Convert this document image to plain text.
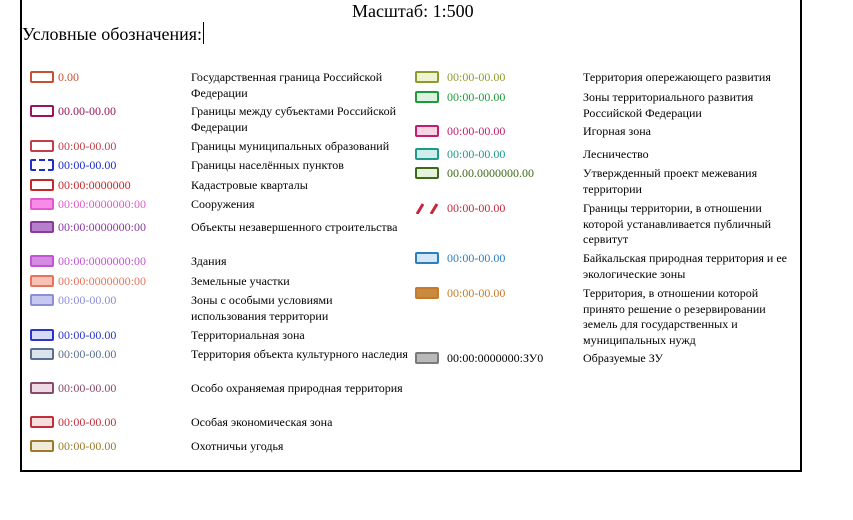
Масштаб: 1:500
Условные обозначения:
0.00	Государственная граница Российской Федерации
00.00-00.00	Границы между субъектами Российской Федерации
00:00-00.00	Границы муниципальных образований
00:00-00.00	Границы населённых пунктов
00:00:0000000	Кадастровые кварталы
00:00:0000000:00	Сооружения
00:00:0000000:00	Объекты незавершенного строительства
00:00:0000000:00	Здания
00:00:0000000:00	Земельные участки
00:00-00.00	Зоны с особыми условиями использования территории
00:00-00.00	Территориальная зона
00:00-00.00	Территория объекта культурного наследия
00:00-00.00	Особо охраняемая природная территория
00:00-00.00	Особая экономическая зона
00:00-00.00	Охотничьи угодья
00:00-00.00	Территория опережающего развития
00:00-00.00	Зоны территориального развития Российской Федерации
00:00-00.00	Игорная зона
00:00-00.00	Лесничество
00.00.0000000.00	Утвержденный проект межевания территории
00:00-00.00	Границы территории, в отношении которой устанавливается публичный сервитут
00:00-00.00	Байкальская природная территория и ее экологические зоны
00:00-00.00	Территория, в отношении которой принято решение о резервировании земель для государственных и муниципальных нужд
00:00:0000000:ЗУ0	Образуемые ЗУ
